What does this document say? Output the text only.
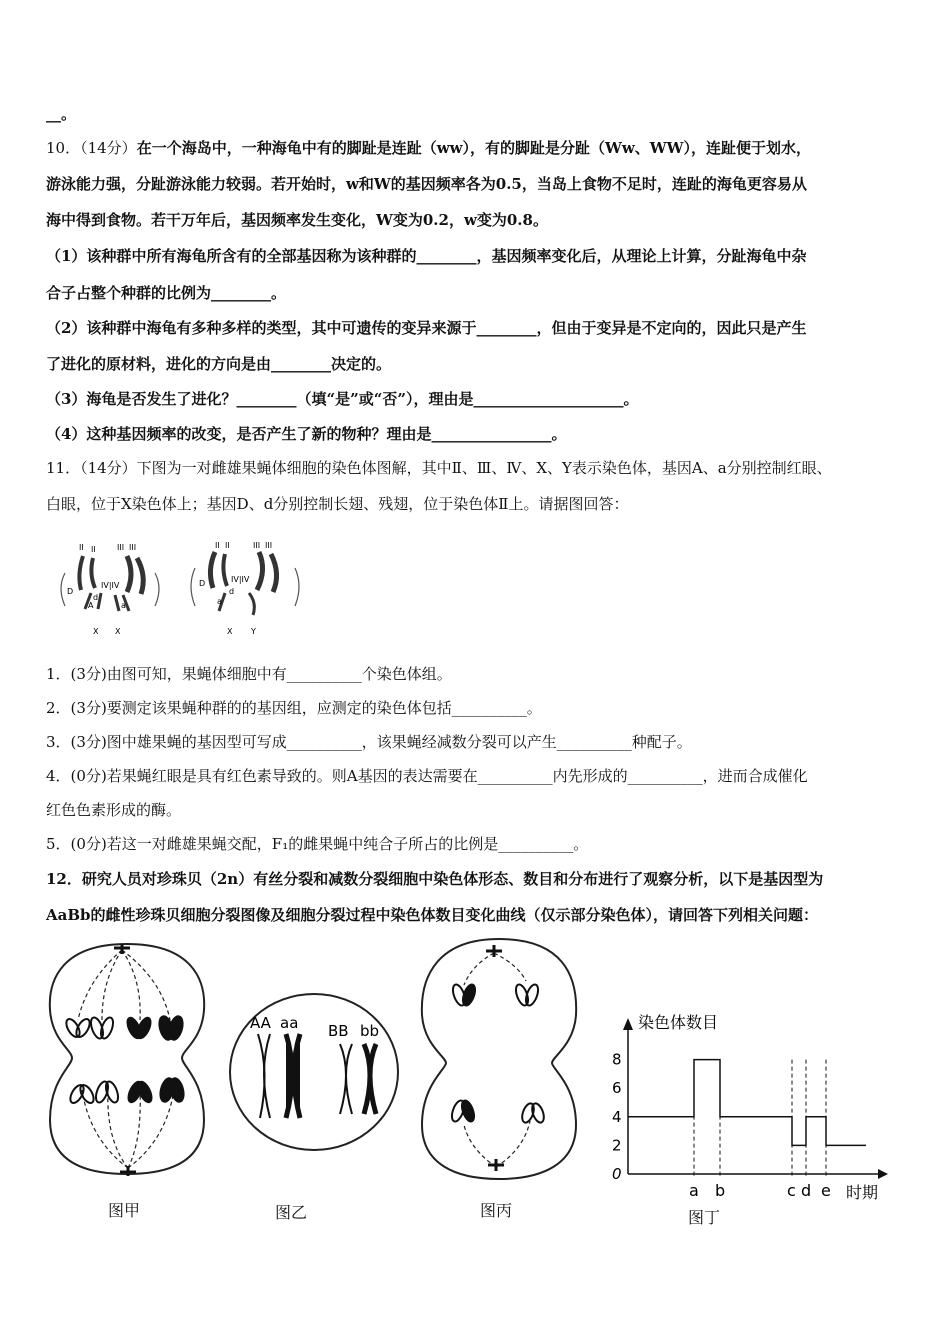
__。
10．（14分）在一个海岛中，一种海龟中有的脚趾是连趾（ww），有的脚趾是分趾（Ww、WW），连趾便于划水，
游泳能力强，分趾游泳能力较弱。若开始时，w和W的基因频率各为0.5，当岛上食物不足时，连趾的海龟更容易从
海中得到食物。若干万年后，基因频率发生变化，W变为0.2，w变为0.8。
（1）该种群中所有海龟所含有的全部基因称为该种群的________，基因频率变化后，从理论上计算，分趾海龟中杂
合子占整个种群的比例为________。
（2）该种群中海龟有多种多样的类型，其中可遗传的变异来源于________，但由于变异是不定向的，因此只是产生
了进化的原材料，进化的方向是由________决定的。
（3）海龟是否发生了进化？________（填“是”或“否”），理由是____________________。
（4）这种基因频率的改变，是否产生了新的物种？理由是________________。
11．（14分）下图为一对雌雄果蝇体细胞的染色体图解，其中Ⅱ、Ⅲ、Ⅳ、X、Y表示染色体，基因A、a分别控制红眼、
白眼，位于X染色体上；基因D、d分别控制长翅、残翅，位于染色体Ⅱ上。请据图回答：
II II	III III
IV|IV
D
d
A	a
X X
II II	III III
IV|IV
D
d
a
X Y
1．(3分)由图可知，果蝇体细胞中有__________个染色体组。
2．(3分)要测定该果蝇种群的的基因组，应测定的染色体包括__________。
3．(3分)图中雄果蝇的基因型可写成__________，该果蝇经减数分裂可以产生__________种配子。
4．(0分)若果蝇红眼是具有红色素导致的。则A基因的表达需要在__________内先形成的__________，进而合成催化
红色色素形成的酶。
5．(0分)若这一对雌雄果蝇交配，F₁的雌果蝇中纯合子所占的比例是__________。
12．研究人员对珍珠贝（2n）有丝分裂和减数分裂细胞中染色体形态、数目和分布进行了观察分析，以下是基因型为
AaBb的雌性珍珠贝细胞分裂图像及细胞分裂过程中染色体数目变化曲线（仅示部分染色体），请回答下列相关问题：
图甲
AA aa BB bb
图乙	图丙
染色体数目
时期
0
2
4
6
8
a b	c d e
图丁
